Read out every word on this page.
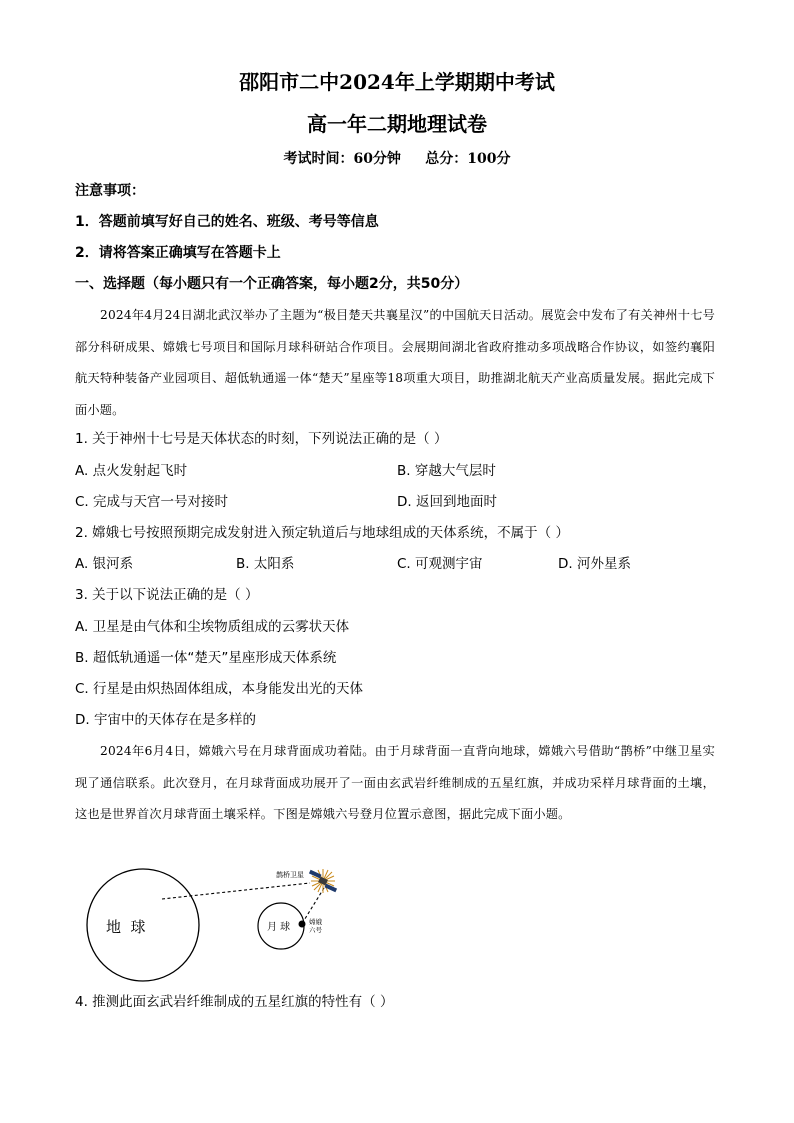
邵阳市二中2024年上学期期中考试
高一年二期地理试卷
考试时间：60分钟     总分：100分
注意事项：
1．答题前填写好自己的姓名、班级、考号等信息
2．请将答案正确填写在答题卡上
一、选择题（每小题只有一个正确答案，每小题2分，共50分）
2024年4月24日湖北武汉举办了主题为“极目楚天共襄星汉”的中国航天日活动。展览会中发布了有关神州十七号部分科研成果、嫦娥七号项目和国际月球科研站合作项目。会展期间湖北省政府推动多项战略合作协议，如签约襄阳航天特种装备产业园项目、超低轨通遥一体“楚天”星座等18项重大项目，助推湖北航天产业高质量发展。据此完成下面小题。
1. 关于神州十七号是天体状态的时刻，下列说法正确的是（ ）
A. 点火发射起飞时	B. 穿越大气层时
C. 完成与天宫一号对接时	D. 返回到地面时
2. 嫦娥七号按照预期完成发射进入预定轨道后与地球组成的天体系统，不属于（ ）
A. 银河系	B. 太阳系	C. 可观测宇宙	D. 河外星系
3. 关于以下说法正确的是（ ）
A. 卫星是由气体和尘埃物质组成的云雾状天体
B. 超低轨通遥一体“楚天”星座形成天体系统
C. 行星是由炽热固体组成，本身能发出光的天体
D. 宇宙中的天体存在是多样的
2024年6月4日，嫦娥六号在月球背面成功着陆。由于月球背面一直背向地球，嫦娥六号借助“鹊桥”中继卫星实现了通信联系。此次登月，在月球背面成功展开了一面由玄武岩纤维制成的五星红旗，并成功采样月球背面的土壤，这也是世界首次月球背面土壤采样。下图是嫦娥六号登月位置示意图，据此完成下面小题。
地  球	月 球
鹊桥卫星
嫦娥
六号
4. 推测此面玄武岩纤维制成的五星红旗的特性有（ ）
